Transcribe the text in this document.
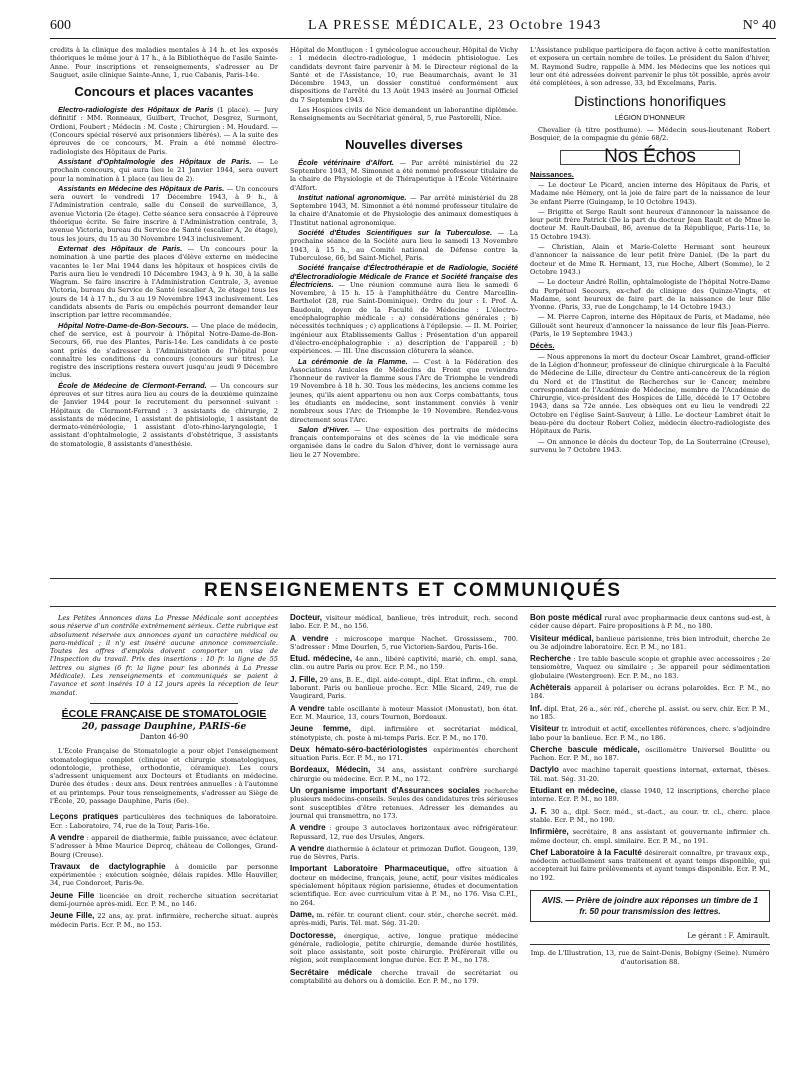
600	LA PRESSE MÉDICALE, 23 Octobre 1943	N° 40

credits à la clinique des maladies mentales à 14 h. et les exposés théoriques le même jour à 17 h., à la Bibliothèque de l'asile Sainte-Anne. Pour inscriptions et renseignements, s'adresser au Dr Sauguet, asile clinique Sainte-Anne, 1, rue Cabanis, Paris-14e.

Concours et places vacantes

Electro-radiologiste des Hôpitaux de Paris (1 place). — Jury définitif : MM. Ronneaux, Guilbert, Truchot, Desgrez, Surmont, Ordioni, Foubert ; Médecin : M. Coste ; Chirurgien : M. Houdard. — (Concours spécial réservé aux prisonniers libérés). — A la suite des épreuves de ce concours, M. Frain a été nommé électro-radiologiste des Hôpitaux de Paris.

Assistant d'Ophtalmologie des Hôpitaux de Paris. — Le prochain concours, qui aura lieu le 21 Janvier 1944, sera ouvert pour la nomination à 1 place (au lieu de 2).

Assistants en Médecine des Hôpitaux de Paris. — Un concours sera ouvert le vendredi 17 Décembre 1943, à 9 h., à l'Administration centrale, salle du Conseil de surveillance, 3, avenue Victoria (2e étage). Cette séance sera consacrée à l'épreuve théorique écrite. Se faire inscrire à l'Administration centrale, 3, avenue Victoria, bureau du Service de Santé (escalier A, 2e étage), tous les jours, du 15 au 30 Novembre 1943 inclusivement.

Externat des Hôpitaux de Paris. — Un concours pour la nomination à une partie des places d'élève externe en médecine vacantes le 1er Mai 1944 dans les hôpitaux et hospices civils de Paris aura lieu le vendredi 10 Décembre 1943, à 9 h. 30, à la salle Wagram. Se faire inscrire à l'Administration Centrale, 3, avenue Victoria, bureau du Service de Santé (escalier A, 2e étage) tous les jours de 14 à 17 h., du 3 au 19 Novembre 1943 inclusivement. Les candidats absents de Paris ou empêchés pourront demander leur inscription par lettre recommandée.

Hôpital Notre-Dame-de-Bon-Secours. — Une place de médecin, chef de service, est à pourvoir à l'hôpital Notre-Dame-de-Bon-Secours, 66, rue des Plantes, Paris-14e. Les candidats à ce poste sont priés de s'adresser à l'Administration de l'hôpital pour connaître les conditions du concours (concours sur titres). Le registre des inscriptions restera ouvert jusqu'au jeudi 9 Décembre inclus.

École de Médecine de Clermont-Ferrand. — Un concours sur épreuves et sur titres aura lieu au cours de la deuxième quinzaine de Janvier 1944 pour le recrutement du personnel suivant : Hôpitaux de Clermont-Ferrand : 3 assistants de chirurgie, 2 assistants de médecine, 1 assistant de phtisiologie, 1 assistant de dermato-vénéréologie, 1 assistant d'oto-rhino-laryngologie, 1 assistant d'ophtalmologie, 2 assistants d'obstétrique, 3 assistants de stomatologie, 8 assistants d'anesthésie.

Hôpital de Montluçon : 1 gynécologue accoucheur. Hôpital de Vichy : 1 médecin électro-radiologue, 1 médecin phtisiologue. Les candidats devront faire parvenir à M. le Directeur régional de la Santé et de l'Assistance, 10, rue Beaumarchais, avant le 31 Décembre 1943, un dossier constitué conformément aux dispositions de l'arrêté du 13 Août 1943 inséré au Journal Officiel du 7 Septembre 1943.

Les Hospices civils de Nice demandent un laborantine diplômée. Renseignements au Secrétariat général, 5, rue Pastorelli, Nice.

Nouvelles diverses

École vétérinaire d'Alfort. — Par arrêté ministériel du 22 Septembre 1943, M. Simonnet a été nommé professeur titulaire de la chaire de Physiologie et de Thérapeutique à l'École Vétérinaire d'Alfort.

Institut national agronomique. — Par arrêté ministériel du 28 Septembre 1943, M. Simonnet a été nommé professeur titulaire de la chaire d'Anatomie et de Physiologie des animaux domestiques à l'Institut national agronomique.

Société d'Études Scientifiques sur la Tuberculose. — La prochaine séance de la Société aura lieu le samedi 13 Novembre 1943, à 15 h., au Comité national de Défense contre la Tuberculose, 66, bd Saint-Michel, Paris.

Société française d'Électrothérapie et de Radiologie, Société d'Électroradiologie Médicale de France et Société française des Électriciens. — Une réunion commune aura lieu le samedi 6 Novembre, à 15 h. 15 à l'amphithéâtre du Centre Marcellin-Berthelot (28, rue Saint-Dominique). Ordre du jour : I. Prof. A. Baudouin, doyen de la Faculté de Médecine : L'électro-encéphalographie médicale : a) considérations générales ; b) nécessités techniques ; c) applications à l'épilepsie. — II. M. Poirier, ingénieur aux Établissements Gallus : Présentation d'un appareil d'électro-encéphalographie : a) description de l'appareil ; b) expériences. — III. Une discussion clôturera la séance.

La cérémonie de la Flamme. — C'est à la Fédération des Associations Amicales de Médecins du Front que reviendra l'honneur de raviver la flamme sous l'Arc de Triomphe le vendredi 19 Novembre à 18 h. 30. Tous les médecins, les anciens comme les jeunes, qu'ils aient appartenu ou non aux Corps combattants, tous les étudiants en médecine, sont instamment conviés à venir nombreux sous l'Arc de Triomphe le 19 Novembre. Rendez-vous directement sous l'Arc.

Salon d'Hiver. — Une exposition des portraits de médecins français contemporains et des scènes de la vie médicale sera organisée dans le cadre du Salon d'hiver, dont le vernissage aura lieu le 27 Novembre.

L'Assistance publique participera de façon active à cette manifestation et exposera un certain nombre de toiles. Le président du Salon d'hiver, M. Raymond Sudre, rappelle à MM. les Médecins que les notices qui leur ont été adressées doivent parvenir le plus tôt possible, après avoir été complétées, à son adresse, 33, bd Excelmans, Paris.

Distinctions honorifiques
LÉGION D'HONNEUR

Chevalier (à titre posthume). — Médecin sous-lieutenant Robert Bosquier, de la compagnie du génie 68/2.

Nos Échos
Naissances.

— Le docteur Le Picard, ancien interne des Hôpitaux de Paris, et Madame née Hémery, ont la joie de faire part de la naissance de leur 3e enfant Pierre (Guingamp, le 10 Octobre 1943).

— Brigitte et Serge Rault sont heureux d'annoncer la naissance de leur petit frère Patrick (De la part du docteur Jean Rault et de Mme le docteur M. Rault-Daubail, 86, avenue de la République, Paris-11e, le 15 Octobre 1943).

— Christian, Alain et Marie-Colette Hermant sont heureux d'annoncer la naissance de leur petit frère Daniel. (De la part du docteur et de Mme R. Hermant, 13, rue Hoche, Albert (Somme), le 2 Octobre 1943.)

— Le docteur André Rollin, ophtalmologiste de l'hôpital Notre-Dame du Perpétuel Secours, ex-chef de clinique des Quinze-Vingts, et Madame, sont heureux de faire part de la naissance de leur fille Yvonne. (Paris, 33, rue de Longchamp, le 14 Octobre 1943.)

— M. Pierre Capron, interne des Hôpitaux de Paris, et Madame, née Gillouët sont heureux d'annoncer la naissance de leur fils Jean-Pierre. (Paris, le 19 Septembre 1943.)

Décès.

— Nous apprenons la mort du docteur Oscar Lambret, grand-officier de la Légion d'honneur, professeur de clinique chirurgicale à la Faculté de Médecine de Lille, directeur du Centre anti-cancéreux de la région du Nord et de l'Institut de Recherches sur le Cancer, membre correspondant de l'Académie de Médecine, membre de l'Académie de Chirurgie, vice-président des Hospices de Lille, décédé le 17 Octobre 1943, dans sa 72e année. Les obsèques ont eu lieu le vendredi 22 Octobre en l'église Saint-Sauveur, à Lille. Le docteur Lambret était le beau-père du docteur Robert Coliez, médecin électro-radiologiste des Hôpitaux de Paris.

— On annonce le décès du docteur Top, de La Souterraine (Creuse), survenu le 7 Octobre 1943.

RENSEIGNEMENTS ET COMMUNIQUÉS

Les Petites Annonces dans La Presse Médicale sont acceptées sous réserve d'un contrôle extrêmement sérieux. Cette rubrique est absolument réservée aux annonces ayant un caractère médical ou para-médical ; il n'y est inséré aucune annonce commerciale. Toutes les offres d'emplois doivent comporter un visa de l'Inspection du travail. Prix des insertions : 10 fr. la ligne de 55 lettres ou signes (6 fr. la ligne pour les abonnés à La Presse Médicale). Les renseignements et communiqués se paient à l'avance et sont insérés 10 à 12 jours après la réception de leur mandat.

ÉCOLE FRANÇAISE DE STOMATOLOGIE
20, passage Dauphine, PARIS-6e
Danton 46-90

L'École Française de Stomatologie a pour objet l'enseignement stomatologique complet (clinique et chirurgie stomatologiques, odontologie, prothèse, orthodontie, céramique). Les cours s'adressent uniquement aux Docteurs et Étudiants en médecine. Durée des études : deux ans. Deux rentrées annuelles : à l'automne et au printemps. Pour tous renseignements, s'adresser au Siège de l'École, 20, passage Dauphine, Paris (6e).

Leçons pratiques particulières des techniques de laboratoire. Ecr. : Laboratoire, 74, rue de la Tour, Paris-16e.
A vendre : appareil de diathermie, faible puissance, avec éclateur. S'adresser à Mme Maurice Deprcq, château de Collonges, Grand-Bourg (Creuse).
Travaux de dactylographie à domicile par personne expérimentée ; exécution soignée, délais rapides. Mlle Hauviller, 34, rue Condorcet, Paris-9e.
Jeune Fille licenciée en droit recherche situation secrétariat demi-journée après-midi. Ecr. P. M., no 146.
Jeune Fille, 22 ans, ay. prat. infirmière, recherche situat. auprès médecin Paris. Ecr. P. M., no 153.
Docteur, visiteur médical, banlieue, très introduit, rech. second labo. Ecr. P. M., no 156.
A vendre : microscope marque Nachet. Grossissem., 700. S'adresser : Mme Dourlen, 5, rue Victorien-Sardou, Paris-16e.
Etud. médecine, 4e ann., libéré captivité, marié, ch. empl. sana, clin. ou autre Paris ou prov. Ecr. P. M., no 159.
J. Fille, 29 ans, B. E., dipl. aide-compt., dipl. Etat infirm., ch. empl. laborant. Paris ou banlieue proche. Ecr. Mlle Sicard, 249, rue de Vaugirard, Paris.
A vendre table oscillante à moteur Massiot (Monustat), bon état. Ecr. M. Maurice, 13, cours Tournon, Bordeaux.
Jeune femme, dipl. infirmière et secrétariat médical, sténotypiste, ch. poste à mi-temps Paris. Ecr. P. M., no 170.
Deux hémato-séro-bactériologistes expérimentés cherchent situation Paris. Ecr. P. M., no 171.
Bordeaux, Médecin, 34 ans, assistant confrère surchargé chirurgie ou médecine. Ecr. P. M., no 172.
Un organisme important d'Assurances sociales recherche plusieurs médecins-conseils. Seules des candidatures très sérieuses sont susceptibles d'être retenues. Adresser les demandes au journal qui transmettra, no 173.
A vendre : groupe 3 autoclaves horizontaux avec réfrigérateur. Repussard, 12, rue des Ursules, Angers.
A vendre diathermie à éclateur et primozan Duflot. Gougeon, 139, rue de Sèvres, Paris.
Important Laboratoire Pharmaceutique, offre situation à docteur en médecine, français, jeune, actif, pour visites médicales spécialement hôpitaux région parisienne, études et documentation scientifique. Ecr. avec curriculum vitæ à P. M., no 176. Visa C.P.I., no 264.
Dame, m. référ. tr. courant client. cour. stér., cherche secrét. méd. après-midi, Paris. Tél. mat. Ség. 31-20.
Doctoresse, énergique, active, longue pratique médecine générale, radiologie, petite chirurgie, demande durée hostilités, soit place assistante, soit poste chirurgie. Préférerait ville ou région, soit remplacement longue durée. Ecr. P. M., no 178.
Secrétaire médicale cherche travail de secrétariat ou comptabilité au dehors ou à domicile. Ecr. P. M., no 179.
Bon poste médical rural avec propharmacie deux cantons sud-est, à céder cause départ. Faire propositions à P. M., no 180.
Visiteur médical, banlieue parisienne, très bien introduit, cherche 2e ou 3e adjoindre laboratoire. Ecr. P. M., no 181.
Recherche : 1re table bascule scopie et graphie avec accessoires ; 2e tensiomètre, Vaquez ou similaire ; 3e appareil pour sédimentation globulaire (Westergreen). Ecr. P. M., no 183.
Achèterais appareil à polariser ou écrans polaroïdes. Ecr. P. M., no 184.
Inf. dipl. Etat, 26 a., sér. réf., cherche pl. assist. ou serv. chir. Ecr. P. M., no 185.
Visiteur tr. introduit et actif, excellentes références, cherc. s'adjoindre labo pour la banlieue. Ecr. P. M., no 186.
Cherche bascule médicale, oscillomètre Universel Boulitte ou Pachon. Ecr. P. M., no 187.
Dactylo avec machine taperait questions internat, externat, thèses. Tél. mat. Ség. 31-20.
Etudiant en médecine, classe 1940, 12 inscriptions, cherche place interne. Ecr. P. M., no 189.
J. F. 30 a., dipl. Secr. méd., st.-dact., au cour. tr. cl., cherc. place stable. Ecr. P. M., no 190.
Infirmière, secrétaire, 8 ans assistant et gouvernante infirmier ch. même docteur, ch. empl. similaire. Ecr. P. M., no 191.
Chef Laboratoire à la Faculté désirerait connaître, pr travaux exp., médecin actuellement sans traitement et ayant temps disponible, qui accepterait lui faire prélèvements et ayant temps disponible. Ecr. P. M., no 192.
AVIS. — Prière de joindre aux réponses un timbre de 1 fr. 50 pour transmission des lettres.
Le gérant : F. Amirault.
Imp. de L'Illustration, 13, rue de Saint-Denis, Bobigny (Seine). Numéro d'autorisation 88.
